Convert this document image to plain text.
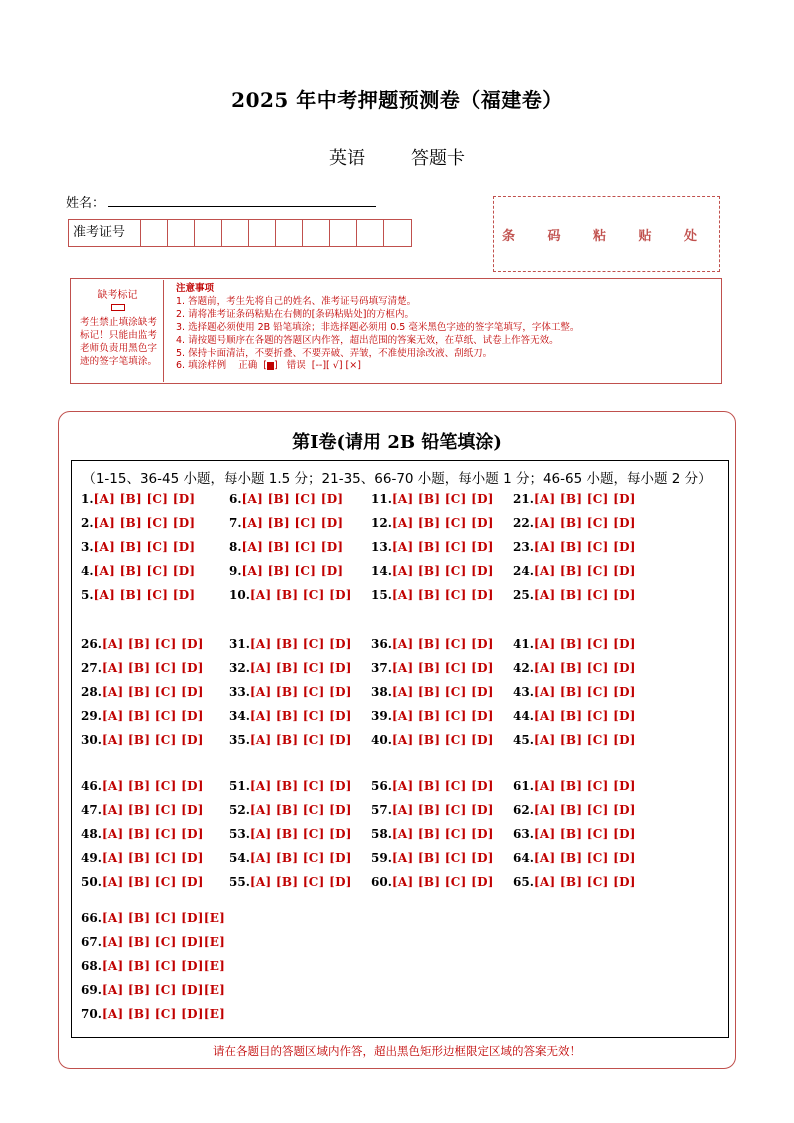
2025 年中考押题预测卷（福建卷）
英语	答题卡
姓名：
准考证号	条 码 粘 贴 处
缺考标记
考生禁止填涂缺考标记！只能由监考老师负责用黑色字迹的签字笔填涂。
注意事项
1. 答题前，考生先将自己的姓名、准考证号码填写清楚。
2. 请将准考证条码粘贴在右侧的[条码粘贴处]的方框内。
3. 选择题必须使用 2B 铅笔填涂；非选择题必须用 0.5 毫米黑色字迹的签字笔填写，字体工整。
4. 请按题号顺序在各题的答题区内作答，超出范围的答案无效，在草纸、试卷上作答无效。
5. 保持卡面清洁，不要折叠、不要弄破、弄皱，不准使用涂改液、刮纸刀。
6. 填涂样例 正确  [ ]   错误 [--][ √] [×]
第Ⅰ卷(请用 2B 铅笔填涂)
（1-15、36-45 小题，每小题 1.5 分；21-35、66-70 小题，每小题 1 分；46-65 小题，每小题 2 分）
1.[A] [B] [C] [D]	6.[A] [B] [C] [D] 11.[A] [B] [C] [D] 21.[A] [B] [C] [D]
2.[A] [B] [C] [D]	7.[A] [B] [C] [D] 12.[A] [B] [C] [D] 22.[A] [B] [C] [D]
3.[A] [B] [C] [D]	8.[A] [B] [C] [D] 13.[A] [B] [C] [D] 23.[A] [B] [C] [D]
4.[A] [B] [C] [D]	9.[A] [B] [C] [D] 14.[A] [B] [C] [D] 24.[A] [B] [C] [D]
5.[A] [B] [C] [D]	10.[A] [B] [C] [D] 15.[A] [B] [C] [D] 25.[A] [B] [C] [D]
26.[A] [B] [C] [D] 31.[A] [B] [C] [D] 36.[A] [B] [C] [D] 41.[A] [B] [C] [D]
27.[A] [B] [C] [D] 32.[A] [B] [C] [D] 37.[A] [B] [C] [D] 42.[A] [B] [C] [D]
28.[A] [B] [C] [D] 33.[A] [B] [C] [D] 38.[A] [B] [C] [D] 43.[A] [B] [C] [D]
29.[A] [B] [C] [D] 34.[A] [B] [C] [D] 39.[A] [B] [C] [D] 44.[A] [B] [C] [D]
30.[A] [B] [C] [D] 35.[A] [B] [C] [D] 40.[A] [B] [C] [D] 45.[A] [B] [C] [D]
46.[A] [B] [C] [D] 51.[A] [B] [C] [D] 56.[A] [B] [C] [D] 61.[A] [B] [C] [D]
47.[A] [B] [C] [D] 52.[A] [B] [C] [D] 57.[A] [B] [C] [D] 62.[A] [B] [C] [D]
48.[A] [B] [C] [D] 53.[A] [B] [C] [D] 58.[A] [B] [C] [D] 63.[A] [B] [C] [D]
49.[A] [B] [C] [D] 54.[A] [B] [C] [D] 59.[A] [B] [C] [D] 64.[A] [B] [C] [D]
50.[A] [B] [C] [D] 55.[A] [B] [C] [D] 60.[A] [B] [C] [D] 65.[A] [B] [C] [D]
66.[A] [B] [C] [D][E]
67.[A] [B] [C] [D][E]
68.[A] [B] [C] [D][E]
69.[A] [B] [C] [D][E]
70.[A] [B] [C] [D][E]
请在各题目的答题区域内作答，超出黑色矩形边框限定区域的答案无效！
